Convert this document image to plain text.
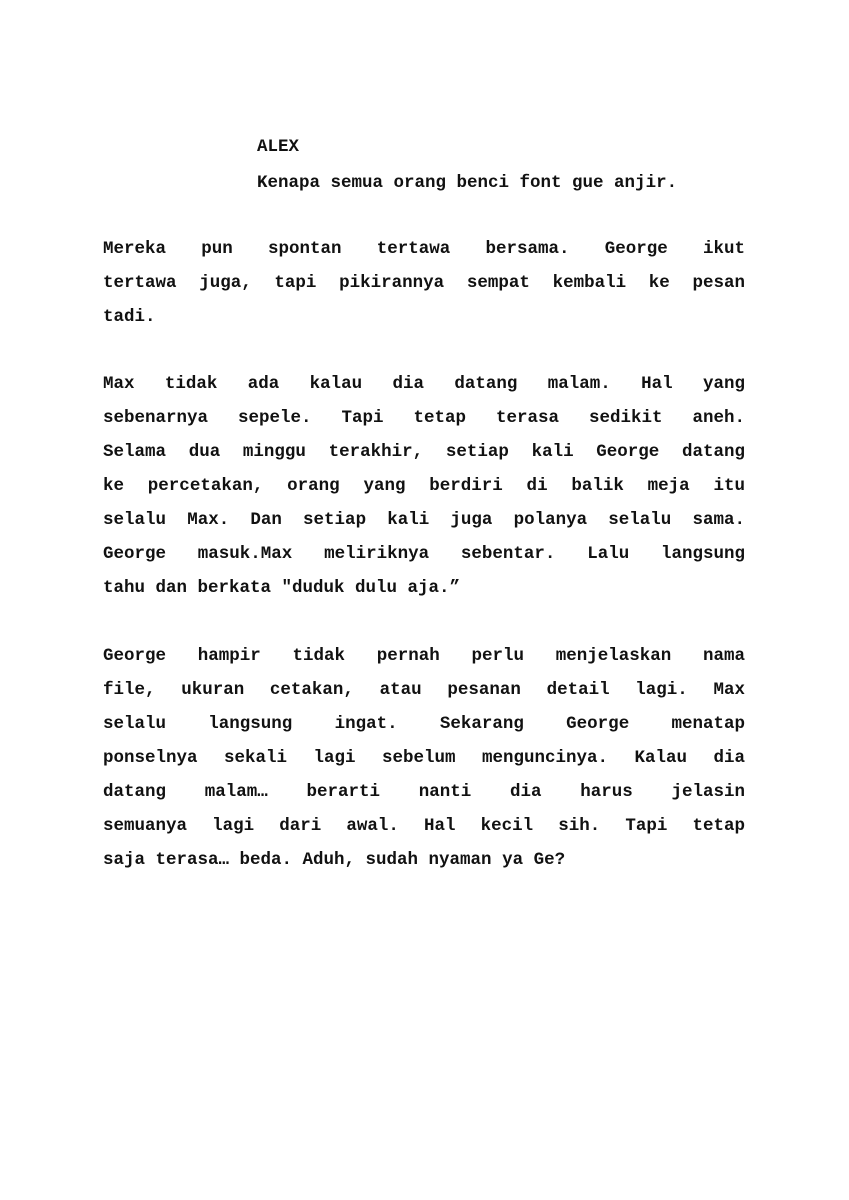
ALEX

Kenapa semua orang benci font gue anjir.

Mereka pun spontan tertawa bersama. George ikut
tertawa juga, tapi pikirannya sempat kembali ke pesan
tadi.
Max tidak ada kalau dia datang malam. Hal yang
sebenarnya sepele. Tapi tetap terasa sedikit aneh.
Selama dua minggu terakhir, setiap kali George datang
ke percetakan, orang yang berdiri di balik meja itu
selalu Max. Dan setiap kali juga polanya selalu sama.
George masuk.Max meliriknya sebentar. Lalu langsung
tahu dan berkata "duduk dulu aja.”
George hampir tidak pernah perlu menjelaskan nama
file, ukuran cetakan, atau pesanan detail lagi. Max
selalu langsung ingat. Sekarang George menatap
ponselnya sekali lagi sebelum menguncinya. Kalau dia
datang malam… berarti nanti dia harus jelasin
semuanya lagi dari awal. Hal kecil sih. Tapi tetap
saja terasa… beda. Aduh, sudah nyaman ya Ge?
